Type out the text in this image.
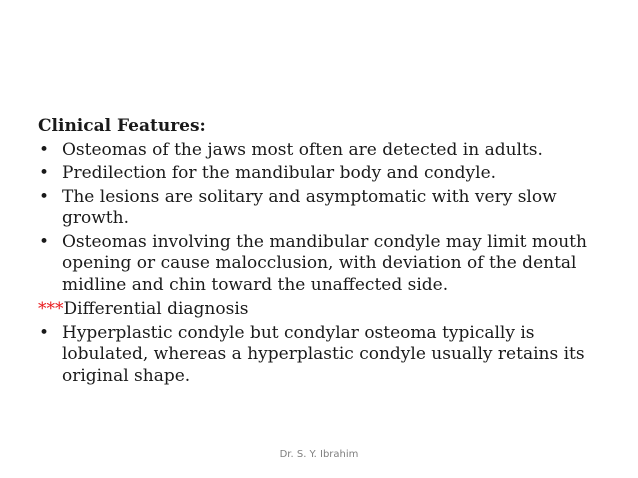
Clinical Features:
• Osteomas of the jaws most often are detected in adults.
• Predilection for the mandibular body and condyle.
• The lesions are solitary and asymptomatic with very slow growth.
• Osteomas involving the mandibular condyle may limit mouth opening or cause malocclusion, with deviation of the dental midline and chin toward the unaffected side.
***Differential diagnosis
• Hyperplastic condyle but condylar osteoma typically is lobulated, whereas a hyperplastic condyle usually retains its original shape.
Dr. S. Y. Ibrahim
